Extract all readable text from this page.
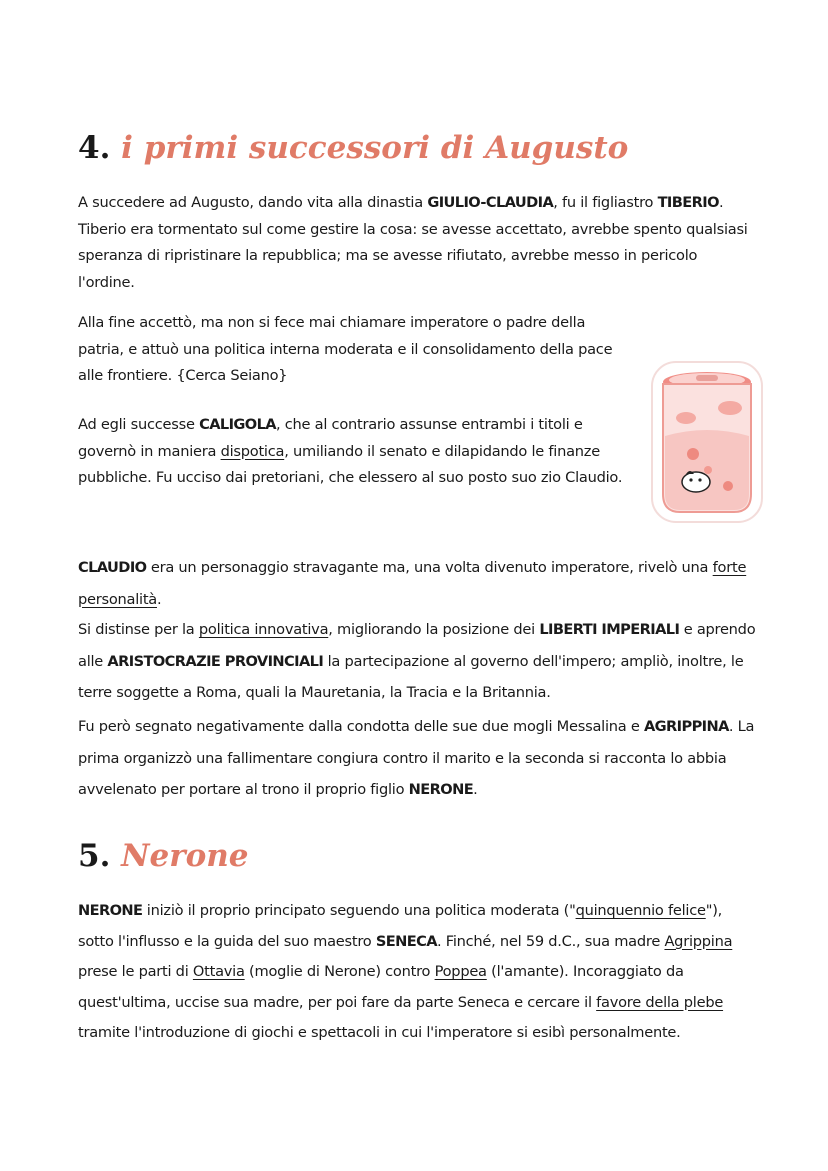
4. i primi successori di Augusto

A succedere ad Augusto, dando vita alla dinastia GIULIO-CLAUDIA, fu il figliastro TIBERIO. Tiberio era tormentato sul come gestire la cosa: se avesse accettato, avrebbe spento qualsiasi speranza di ripristinare la repubblica; ma se avesse rifiutato, avrebbe messo in pericolo l'ordine.

Alla fine accettò, ma non si fece mai chiamare imperatore o padre della patria, e attuò una politica interna moderata e il consolidamento della pace alle frontiere. {Cerca Seiano}

Ad egli successe CALIGOLA, che al contrario assunse entrambi i titoli e governò in maniera dispotica, umiliando il senato e dilapidando le finanze pubbliche. Fu ucciso dai pretoriani, che elessero al suo posto suo zio Claudio.

CLAUDIO era un personaggio stravagante ma, una volta divenuto imperatore, rivelò una forte personalità.

Si distinse per la politica innovativa, migliorando la posizione dei LIBERTI IMPERIALI e aprendo alle ARISTOCRAZIE PROVINCIALI la partecipazione al governo dell'impero; ampliò, inoltre, le terre soggette a Roma, quali la Mauretania, la Tracia e la Britannia.

Fu però segnato negativamente dalla condotta delle sue due mogli Messalina e AGRIPPINA. La prima organizzò una fallimentare congiura contro il marito e la seconda si racconta lo abbia avvelenato per portare al trono il proprio figlio NERONE.

5. Nerone

NERONE iniziò il proprio principato seguendo una politica moderata ("quinquennio felice"), sotto l'influsso e la guida del suo maestro SENECA. Finché, nel 59 d.C., sua madre Agrippina prese le parti di Ottavia (moglie di Nerone) contro Poppea (l'amante). Incoraggiato da quest'ultima, uccise sua madre, per poi fare da parte Seneca e cercare il favore della plebe tramite l'introduzione di giochi e spettacoli in cui l'imperatore si esibì personalmente.
